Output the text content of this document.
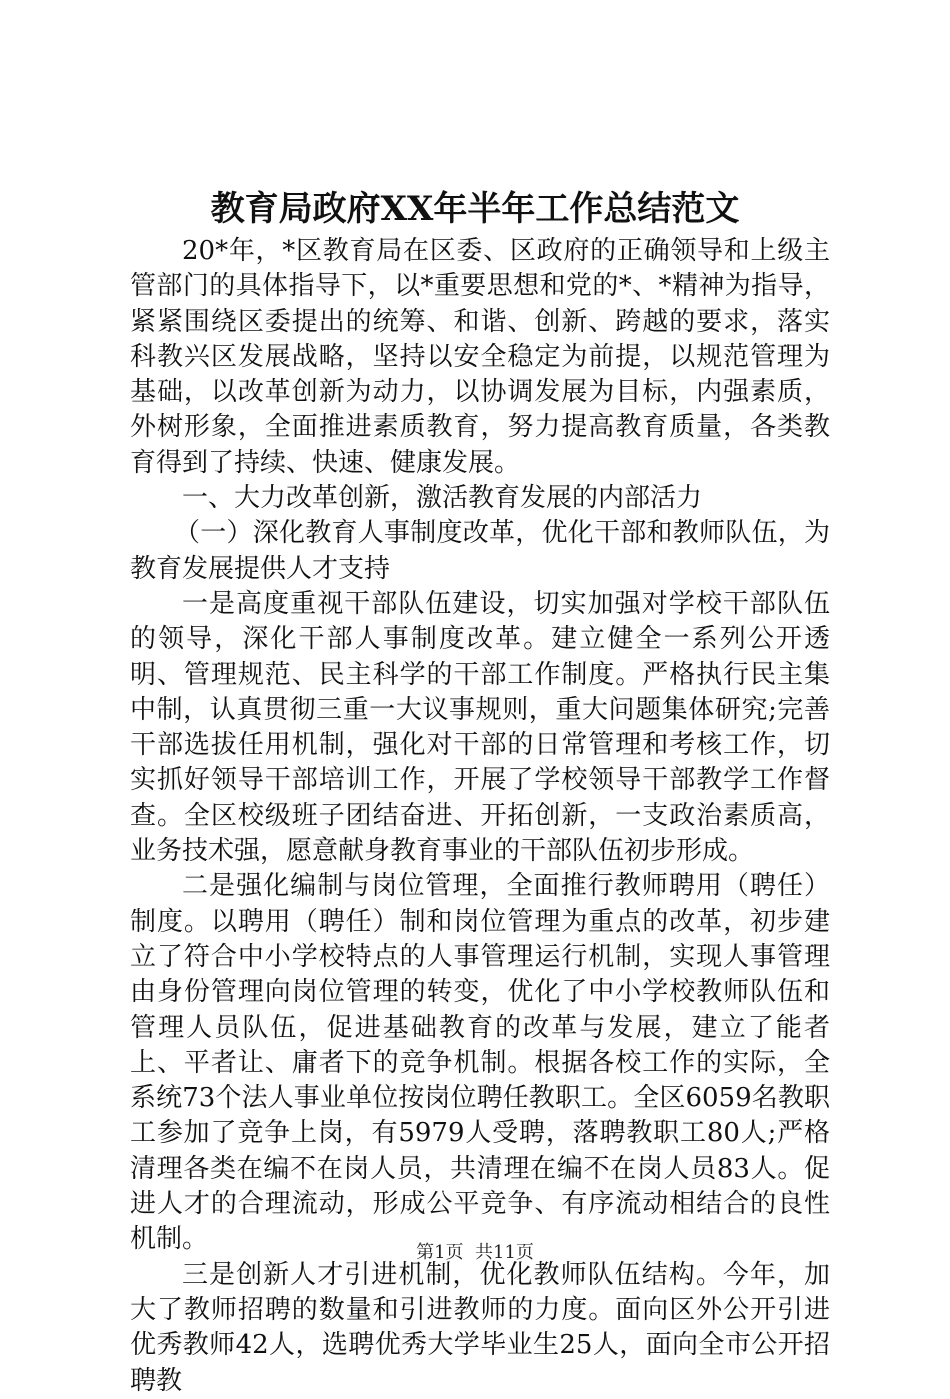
教育局政府XX年半年工作总结范文

20*年，*区教育局在区委、区政府的正确领导和上级主管部门的具体指导下，以*重要思想和党的*、*精神为指导，紧紧围绕区委提出的统筹、和谐、创新、跨越的要求，落实科教兴区发展战略，坚持以安全稳定为前提，以规范管理为基础，以改革创新为动力，以协调发展为目标，内强素质，外树形象，全面推进素质教育，努力提高教育质量，各类教育得到了持续、快速、健康发展。

一、大力改革创新，激活教育发展的内部活力

（一）深化教育人事制度改革，优化干部和教师队伍，为教育发展提供人才支持

一是高度重视干部队伍建设，切实加强对学校干部队伍的领导，深化干部人事制度改革。建立健全一系列公开透明、管理规范、民主科学的干部工作制度。严格执行民主集中制，认真贯彻三重一大议事规则，重大问题集体研究;完善干部选拔任用机制，强化对干部的日常管理和考核工作，切实抓好领导干部培训工作，开展了学校领导干部教学工作督查。全区校级班子团结奋进、开拓创新，一支政治素质高，业务技术强，愿意献身教育事业的干部队伍初步形成。

二是强化编制与岗位管理，全面推行教师聘用（聘任）制度。以聘用（聘任）制和岗位管理为重点的改革，初步建立了符合中小学校特点的人事管理运行机制，实现人事管理由身份管理向岗位管理的转变，优化了中小学校教师队伍和管理人员队伍，促进基础教育的改革与发展，建立了能者上、平者让、庸者下的竞争机制。根据各校工作的实际，全系统73个法人事业单位按岗位聘任教职工。全区6059名教职工参加了竞争上岗，有5979人受聘，落聘教职工80人;严格清理各类在编不在岗人员，共清理在编不在岗人员83人。促进人才的合理流动，形成公平竞争、有序流动相结合的良性机制。

三是创新人才引进机制，优化教师队伍结构。今年，加大了教师招聘的数量和引进教师的力度。面向区外公开引进优秀教师42人，选聘优秀大学毕业生25人，面向全市公开招聘教

第1页 共11页
